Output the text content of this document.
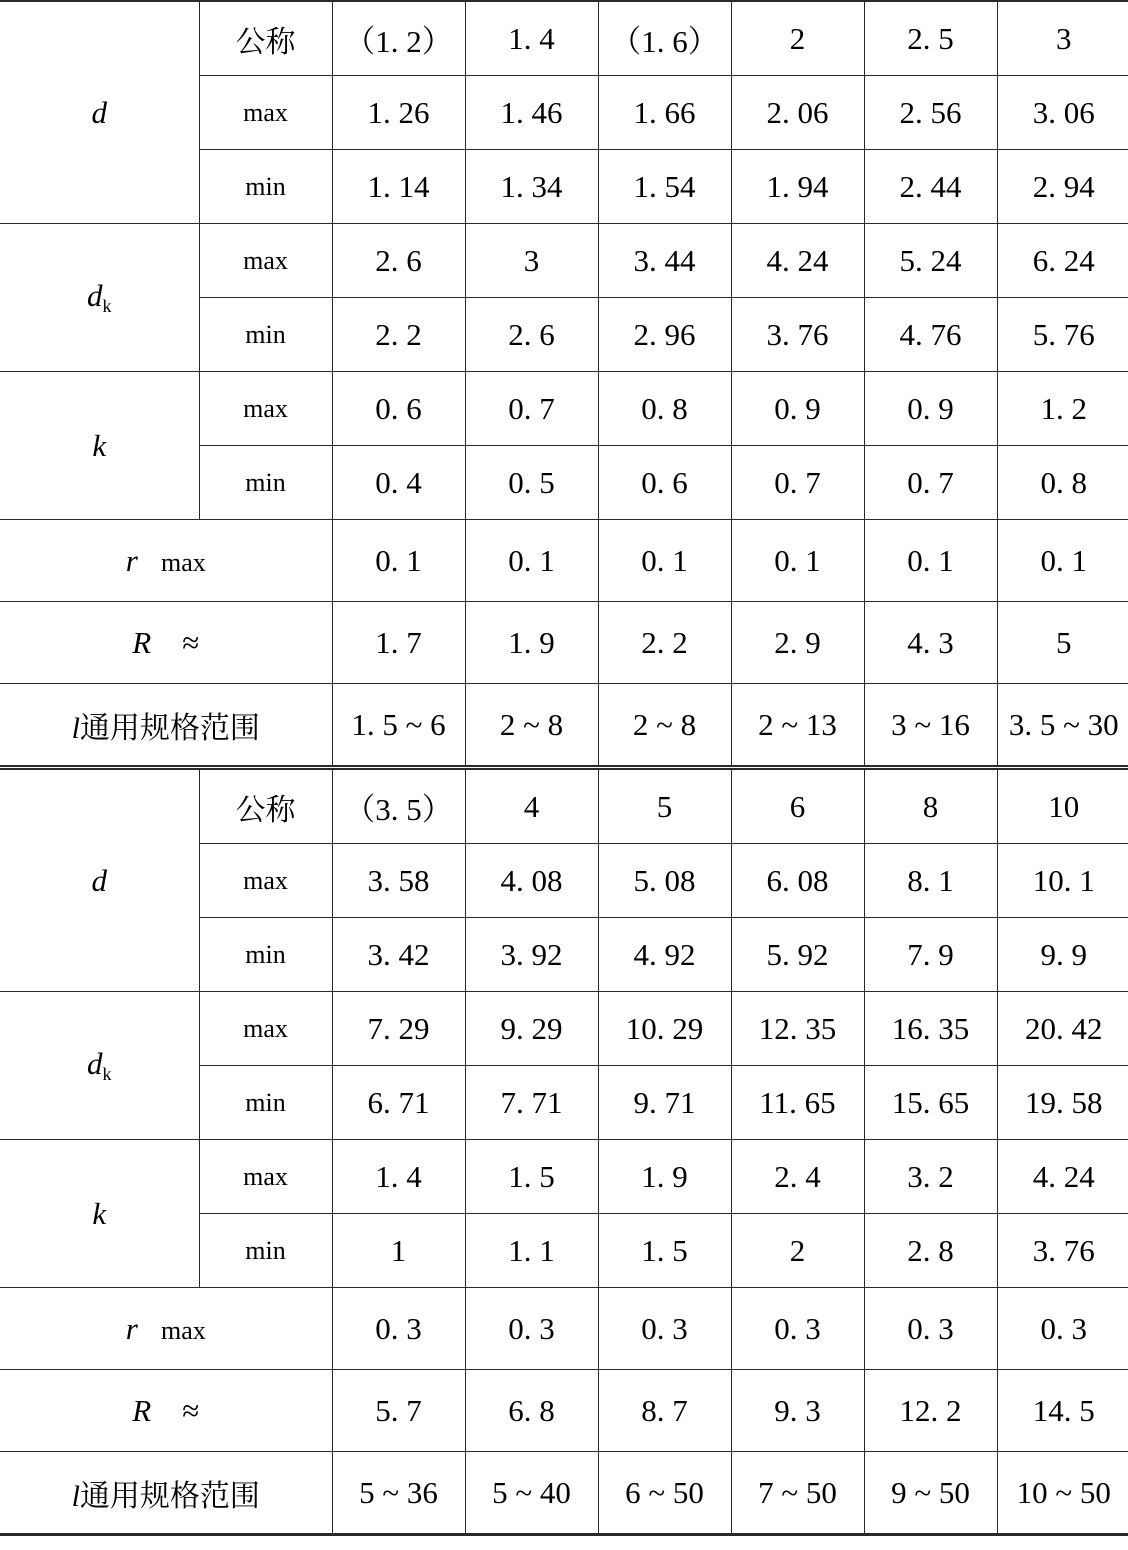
d	公称	（1. 2）	1. 4	（1. 6）	2	2. 5	3
	max	1. 26	1. 46	1. 66	2. 06	2. 56	3. 06
	min	1. 14	1. 34	1. 54	1. 94	2. 44	2. 94
dk	max	2. 6	3	3. 44	4. 24	5. 24	6. 24
	min	2. 2	2. 6	2. 96	3. 76	4. 76	5. 76
k	max	0. 6	0. 7	0. 8	0. 9	0. 9	1. 2
	min	0. 4	0. 5	0. 6	0. 7	0. 7	0. 8
r max		0. 1	0. 1	0. 1	0. 1	0. 1	0. 1
R ≈		1. 7	1. 9	2. 2	2. 9	4. 3	5
l通用规格范围		1. 5 ~ 6	2 ~ 8	2 ~ 8	2 ~ 13	3 ~ 16	3. 5 ~ 30
d	公称	（3. 5）	4	5	6	8	10
	max	3. 58	4. 08	5. 08	6. 08	8. 1	10. 1
	min	3. 42	3. 92	4. 92	5. 92	7. 9	9. 9
dk	max	7. 29	9. 29	10. 29	12. 35	16. 35	20. 42
	min	6. 71	7. 71	9. 71	11. 65	15. 65	19. 58
k	max	1. 4	1. 5	1. 9	2. 4	3. 2	4. 24
	min	1	1. 1	1. 5	2	2. 8	3. 76
r max		0. 3	0. 3	0. 3	0. 3	0. 3	0. 3
R ≈		5. 7	6. 8	8. 7	9. 3	12. 2	14. 5
l通用规格范围		5 ~ 36	5 ~ 40	6 ~ 50	7 ~ 50	9 ~ 50	10 ~ 50
